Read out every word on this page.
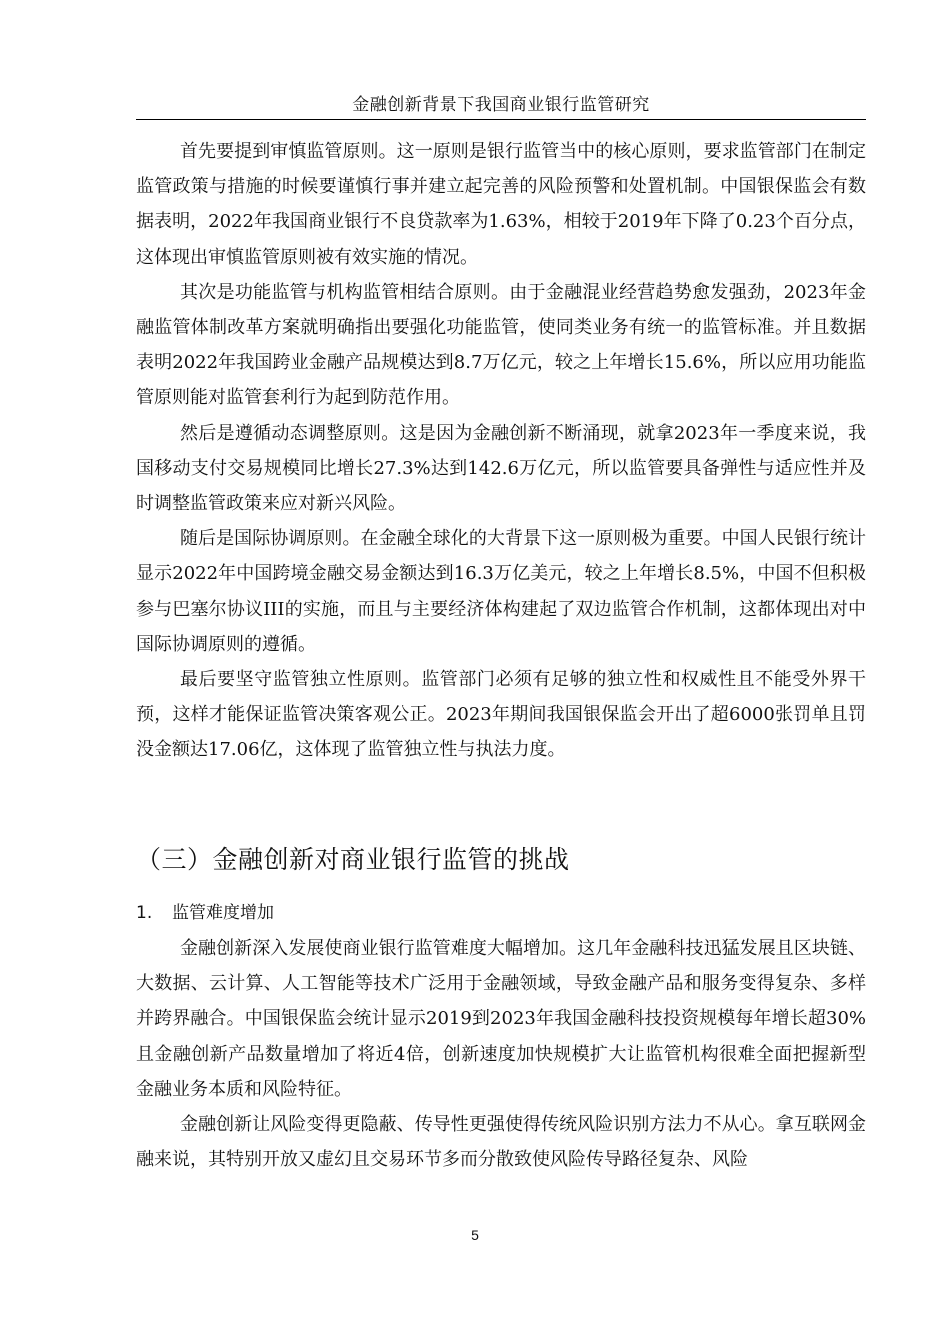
金融创新背景下我国商业银行监管研究

首先要提到审慎监管原则。这一原则是银行监管当中的核心原则，要求监管部门在制定监管政策与措施的时候要谨慎行事并建立起完善的风险预警和处置机制。中国银保监会有数据表明，2022年我国商业银行不良贷款率为1.63%，相较于2019年下降了0.23个百分点，这体现出审慎监管原则被有效实施的情况。

其次是功能监管与机构监管相结合原则。由于金融混业经营趋势愈发强劲，2023年金融监管体制改革方案就明确指出要强化功能监管，使同类业务有统一的监管标准。并且数据表明2022年我国跨业金融产品规模达到8.7万亿元，较之上年增长15.6%，所以应用功能监管原则能对监管套利行为起到防范作用。

然后是遵循动态调整原则。这是因为金融创新不断涌现，就拿2023年一季度来说，我国移动支付交易规模同比增长27.3%达到142.6万亿元，所以监管要具备弹性与适应性并及时调整监管政策来应对新兴风险。

随后是国际协调原则。在金融全球化的大背景下这一原则极为重要。中国人民银行统计显示2022年中国跨境金融交易金额达到16.3万亿美元，较之上年增长8.5%，中国不但积极参与巴塞尔协议III的实施，而且与主要经济体构建起了双边监管合作机制，这都体现出对中国际协调原则的遵循。

最后要坚守监管独立性原则。监管部门必须有足够的独立性和权威性且不能受外界干预，这样才能保证监管决策客观公正。2023年期间我国银保监会开出了超6000张罚单且罚没金额达17.06亿，这体现了监管独立性与执法力度。

（三）金融创新对商业银行监管的挑战
1. 监管难度增加

金融创新深入发展使商业银行监管难度大幅增加。这几年金融科技迅猛发展且区块链、大数据、云计算、人工智能等技术广泛用于金融领域，导致金融产品和服务变得复杂、多样并跨界融合。中国银保监会统计显示2019到2023年我国金融科技投资规模每年增长超30%且金融创新产品数量增加了将近4倍，创新速度加快规模扩大让监管机构很难全面把握新型金融业务本质和风险特征。

金融创新让风险变得更隐蔽、传导性更强使得传统风险识别方法力不从心。拿互联网金融来说，其特别开放又虚幻且交易环节多而分散致使风险传导路径复杂、风险

5
